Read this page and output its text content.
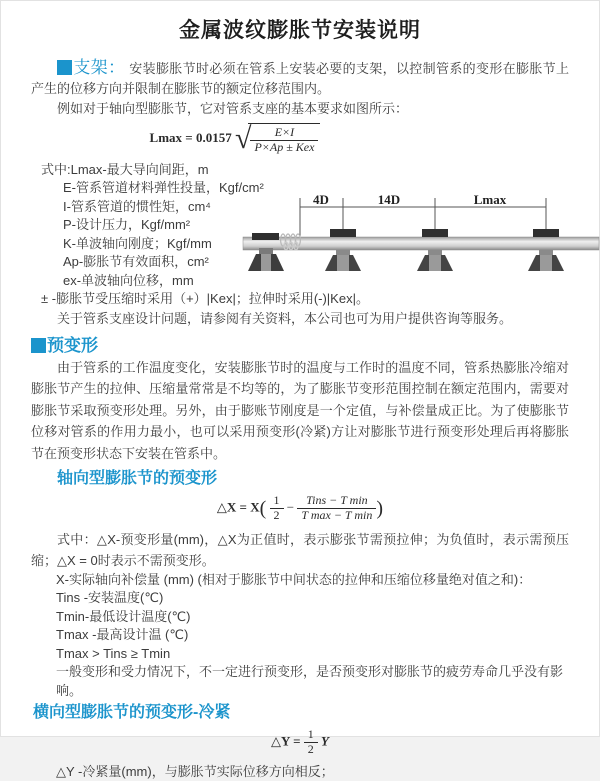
金属波纹膨胀节安装说明

支架： 安装膨胀节时必须在管系上安装必要的支架，以控制管系的变形在膨胀节上产生的位移方向并限制在膨胀节的额定位移范围内。

例如对于轴向型膨胀节，它对管系支座的基本要求如图所示：

Lmax = 0.0157 √ $\frac{E\times I}{\text{P×Ap ± Kex}}$
式中:Lmax-最大导向间距，m
E-管系管道材料弹性投量，Kgf/cm²
I-管系管道的惯性矩，cm⁴
P-设计压力，Kgf/mm²
K-单波轴向刚度；Kgf/mm
Ap-膨胀节有效面积，cm²
ex-单波轴向位移，mm

± -膨胀节受压缩时采用（+）|Kex|；拉伸时采用(-)|Kex|。

关于管系支座设计问题，请参阅有关资料，本公司也可为用户提供咨询等服务。

4D	14D	Lmax
预变形

由于管系的工作温度变化，安装膨胀节时的温度与工作时的温度不同，管系热膨胀冷缩对膨胀节产生的拉伸、压缩量常常是不均等的，为了膨胀节变形范围控制在额定范围内，需要对膨胀节采取预变形处理。另外，由于膨账节刚度是一个定值，与补偿量成正比。为了使膨胀节位移对管系的作用力最小，也可以采用预变形(冷紧)方让对膨胀节进行预变形处理后再将膨胀节在预变形状态下安装在管系中。

轴向型膨胀节的预变形
△X = $X( \frac{1}{2} - \frac{\text{Tins − T min}}{\text{T max − T min}}$ )

式中：△X-预变形量(mm)，△X为正值时，表示膨张节需预拉伸；为负值时，表示需预压缩；△X = 0时表示不需预变形。

X-实际轴向补偿量 (mm) (相对于膨胀节中间状态的拉伸和压缩位移量绝对值之和)：
Tins -安装温度(℃)
Tmin-最低设计温度(℃)
Tmax -最高设计温 (℃)
Tmax > Tins ≥ Tmin
一般变形和受力情况下，不一定进行预变形，是否预变形对膨胀节的疲劳寿命几乎没有影响。
横向型膨胀节的预变形-冷紧
△Y = $\frac{1}{2}$ Y

△Y -冷紧量(mm)，与膨胀节实际位移方向相反；
